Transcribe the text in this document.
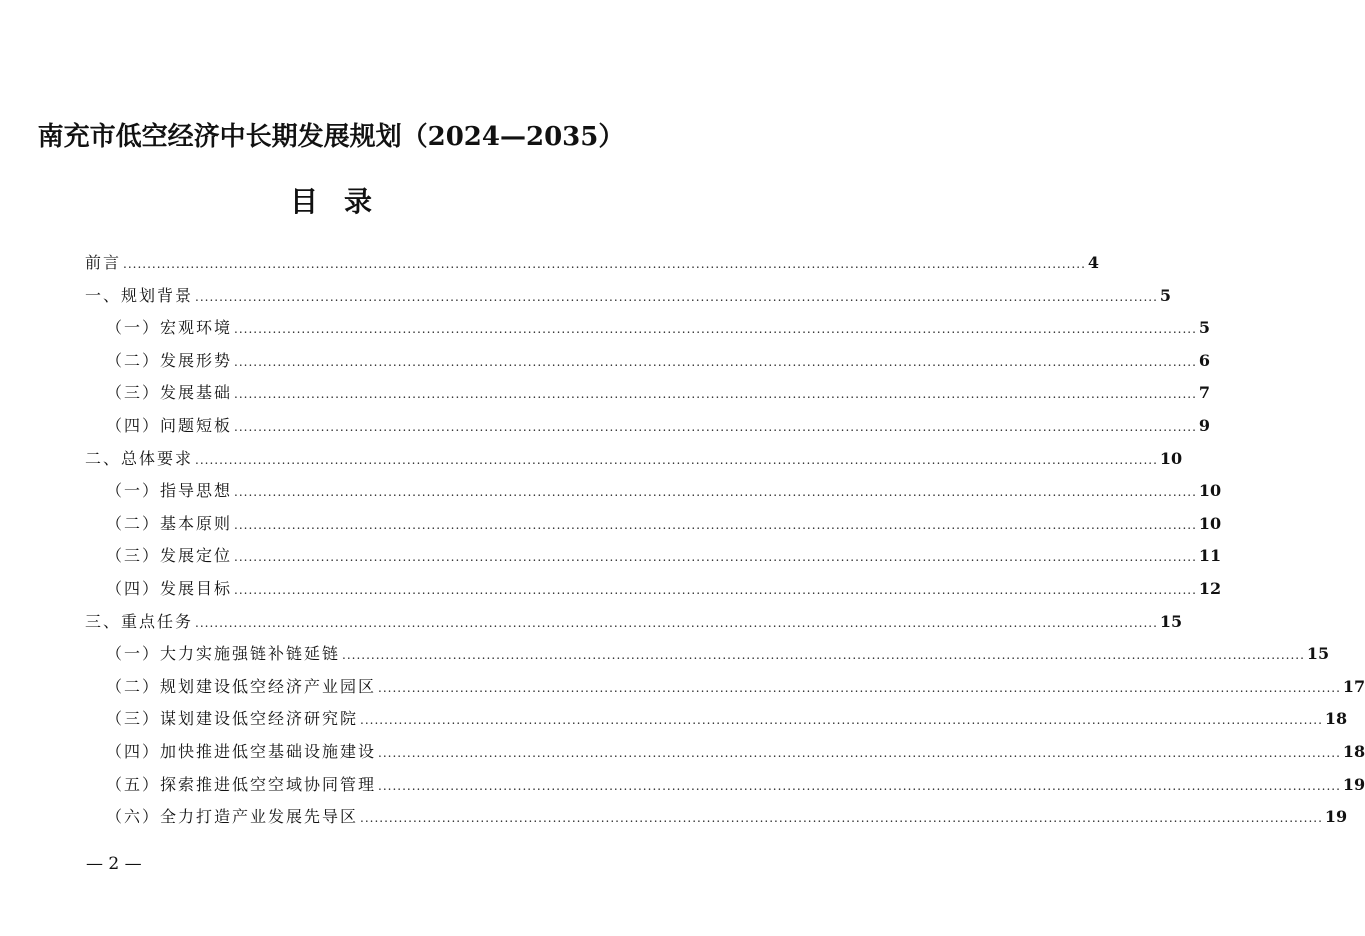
南充市低空经济中长期发展规划（2024—2035）
目录
前言 ........................................................................................................................................................................................................ 4
一、规划背景 ........................................................................................................................................................................................................ 5
（一）宏观环境 ........................................................................................................................................................................................................ 5
（二）发展形势 ........................................................................................................................................................................................................ 6
（三）发展基础 ........................................................................................................................................................................................................ 7
（四）问题短板 ........................................................................................................................................................................................................ 9
二、总体要求 ........................................................................................................................................................................................................ 10
（一）指导思想 ........................................................................................................................................................................................................ 10
（二）基本原则 ........................................................................................................................................................................................................ 10
（三）发展定位 ........................................................................................................................................................................................................ 11
（四）发展目标 ........................................................................................................................................................................................................ 12
三、重点任务 ........................................................................................................................................................................................................ 15
（一）大力实施强链补链延链 ........................................................................................................................................................................................................ 15
（二）规划建设低空经济产业园区 ........................................................................................................................................................................................................ 17
（三）谋划建设低空经济研究院 ........................................................................................................................................................................................................ 18
（四）加快推进低空基础设施建设 ........................................................................................................................................................................................................ 18
（五）探索推进低空空域协同管理 ........................................................................................................................................................................................................ 19
（六）全力打造产业发展先导区 ........................................................................................................................................................................................................ 19
— 2 —
